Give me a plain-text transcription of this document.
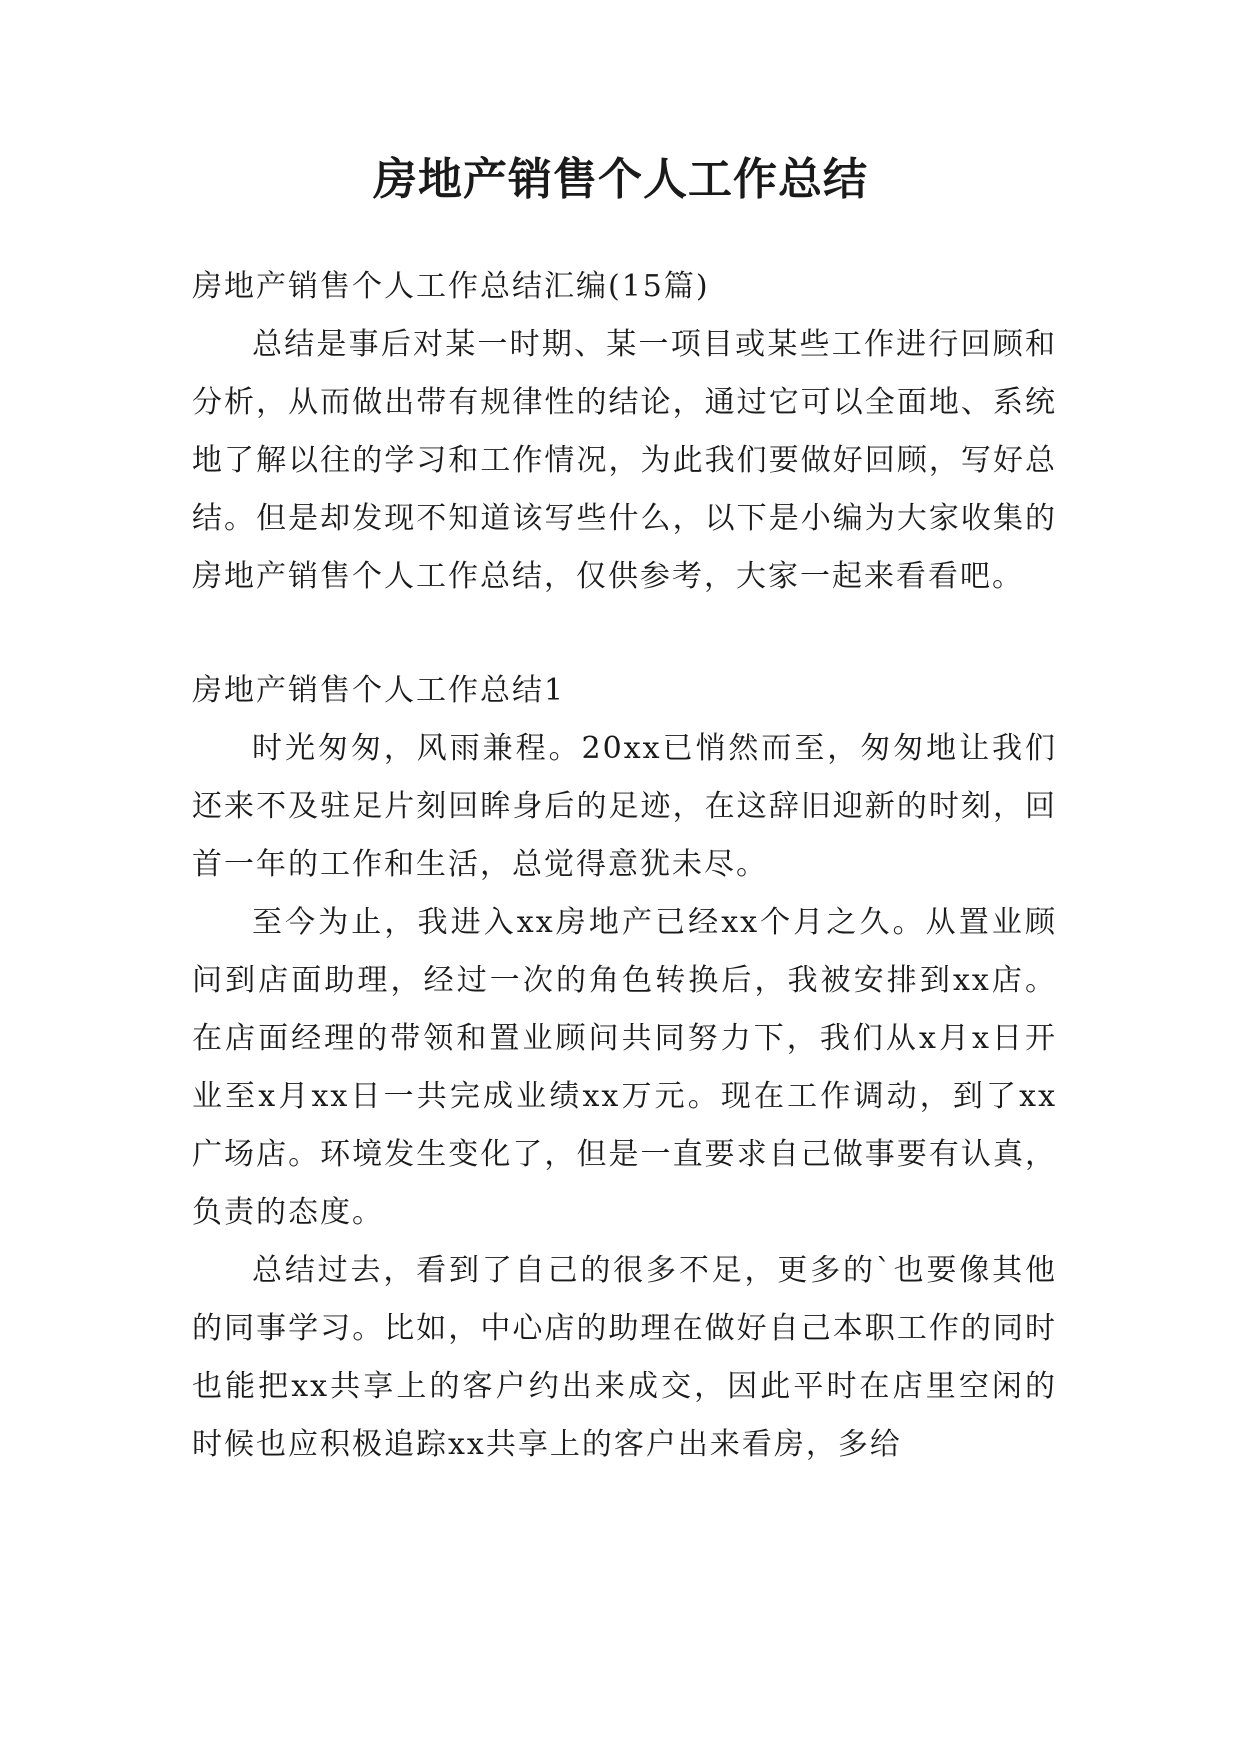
房地产销售个人工作总结

房地产销售个人工作总结汇编(15篇)

总结是事后对某一时期、某一项目或某些工作进行回顾和分析，从而做出带有规律性的结论，通过它可以全面地、系统地了解以往的学习和工作情况，为此我们要做好回顾，写好总结。但是却发现不知道该写些什么，以下是小编为大家收集的房地产销售个人工作总结，仅供参考，大家一起来看看吧。

房地产销售个人工作总结1

时光匆匆，风雨兼程。20xx已悄然而至，匆匆地让我们还来不及驻足片刻回眸身后的足迹，在这辞旧迎新的时刻，回首一年的工作和生活，总觉得意犹未尽。

至今为止，我进入xx房地产已经xx个月之久。从置业顾问到店面助理，经过一次的角色转换后，我被安排到xx店。在店面经理的带领和置业顾问共同努力下，我们从x月x日开业至x月xx日一共完成业绩xx万元。现在工作调动，到了xx广场店。环境发生变化了，但是一直要求自己做事要有认真，负责的态度。

总结过去，看到了自己的很多不足，更多的`也要像其他的同事学习。比如，中心店的助理在做好自己本职工作的同时也能把xx共享上的客户约出来成交，因此平时在店里空闲的时候也应积极追踪xx共享上的客户出来看房，多给
